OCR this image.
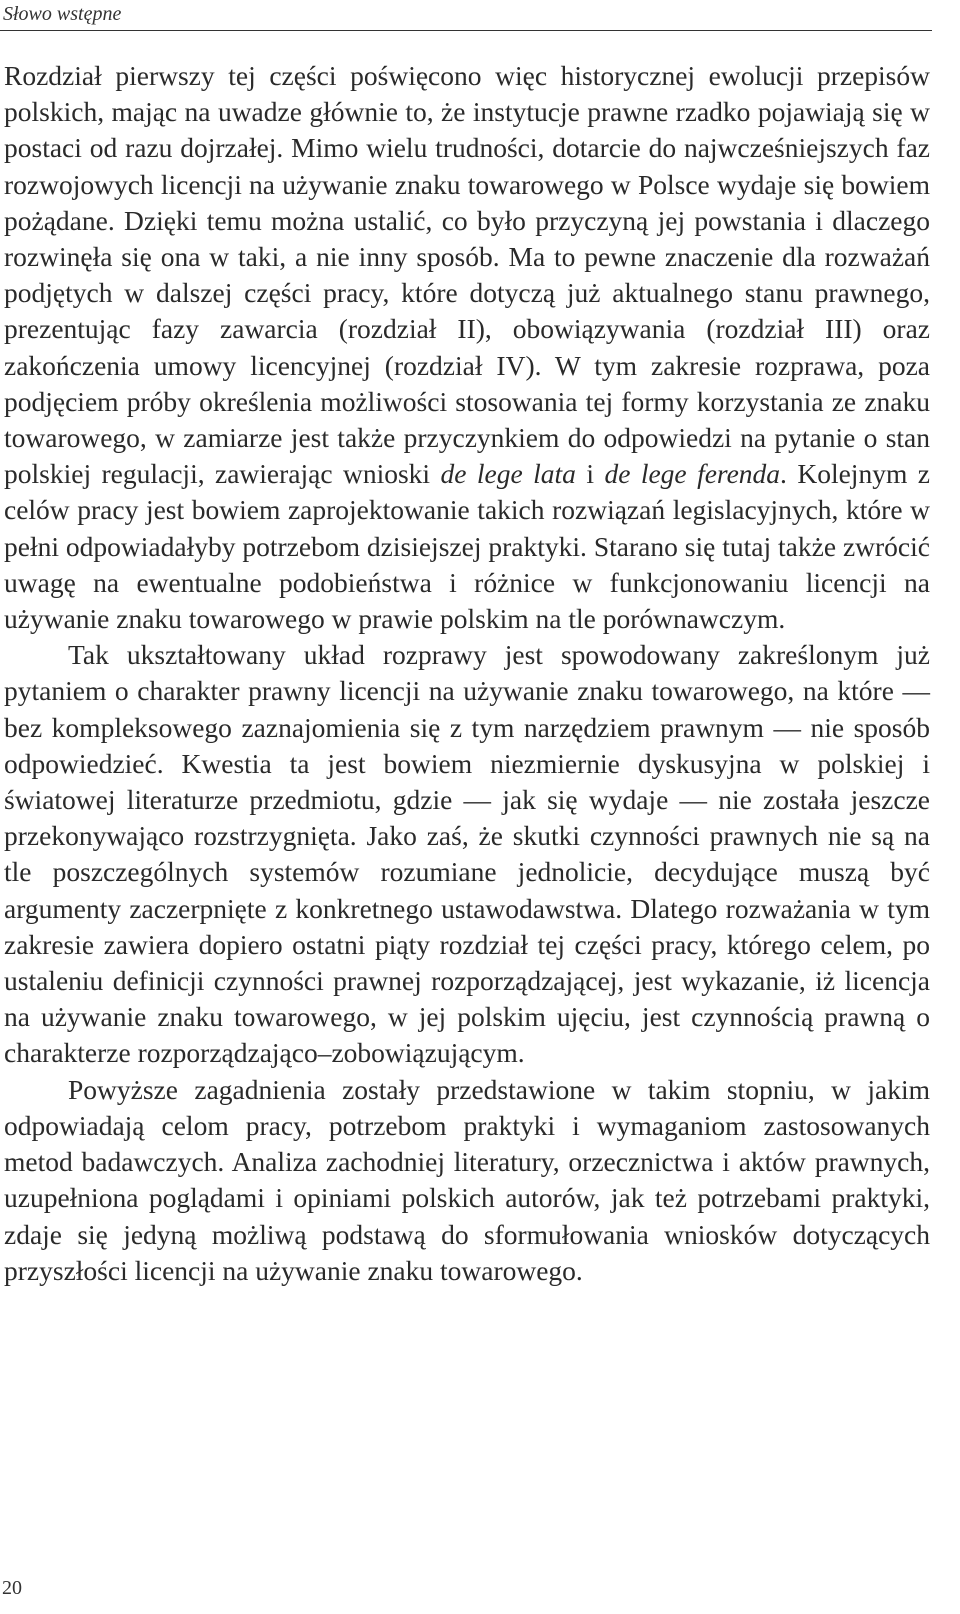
Słowo wstępne

Rozdział pierwszy tej części poświęcono więc historycznej ewolucji przepisów polskich, mając na uwadze głównie to, że instytucje prawne rzadko pojawiają się w postaci od razu dojrzałej. Mimo wielu trudności, dotarcie do najwcześniejszych faz rozwojowych licencji na używanie znaku towarowego w Polsce wydaje się bowiem pożądane. Dzięki temu można ustalić, co było przyczyną jej powstania i dlaczego rozwinęła się ona w taki, a nie inny sposób. Ma to pewne znaczenie dla rozważań podjętych w dalszej części pracy, które dotyczą już aktualnego stanu prawnego, prezentując fazy zawarcia (rozdział II), obowiązywania (rozdział III) oraz zakończenia umowy licencyjnej (rozdział IV). W tym zakresie rozprawa, poza podjęciem próby określenia możliwości stosowania tej formy korzystania ze znaku towarowego, w zamiarze jest także przyczynkiem do odpowiedzi na pytanie o stan polskiej regulacji, zawierając wnioski de lege lata i de lege ferenda. Kolejnym z celów pracy jest bowiem zaprojektowanie takich rozwiązań legislacyjnych, które w pełni odpowiadałyby potrzebom dzisiejszej praktyki. Starano się tutaj także zwrócić uwagę na ewentualne podobieństwa i różnice w funkcjonowaniu licencji na używanie znaku towarowego w prawie polskim na tle porównawczym.

Tak ukształtowany układ rozprawy jest spowodowany zakreślonym już pytaniem o charakter prawny licencji na używanie znaku towarowego, na które — bez kompleksowego zaznajomienia się z tym narzędziem prawnym — nie sposób odpowiedzieć. Kwestia ta jest bowiem niezmiernie dyskusyjna w polskiej i światowej literaturze przedmiotu, gdzie — jak się wydaje — nie została jeszcze przekonywająco rozstrzygnięta. Jako zaś, że skutki czynności prawnych nie są na tle poszczególnych systemów rozumiane jednolicie, decydujące muszą być argumenty zaczerpnięte z konkretnego ustawodawstwa. Dlatego rozważania w tym zakresie zawiera dopiero ostatni piąty rozdział tej części pracy, którego celem, po ustaleniu definicji czynności prawnej rozporządzającej, jest wykazanie, iż licencja na używanie znaku towarowego, w jej polskim ujęciu, jest czynnością prawną o charakterze rozporządzająco–zobowiązującym.

Powyższe zagadnienia zostały przedstawione w takim stopniu, w jakim odpowiadają celom pracy, potrzebom praktyki i wymaganiom zastosowanych metod badawczych. Analiza zachodniej literatury, orzecznictwa i aktów prawnych, uzupełniona poglądami i opiniami polskich autorów, jak też potrzebami praktyki, zdaje się jedyną możliwą podstawą do sformułowania wniosków dotyczących przyszłości licencji na używanie znaku towarowego.

20
